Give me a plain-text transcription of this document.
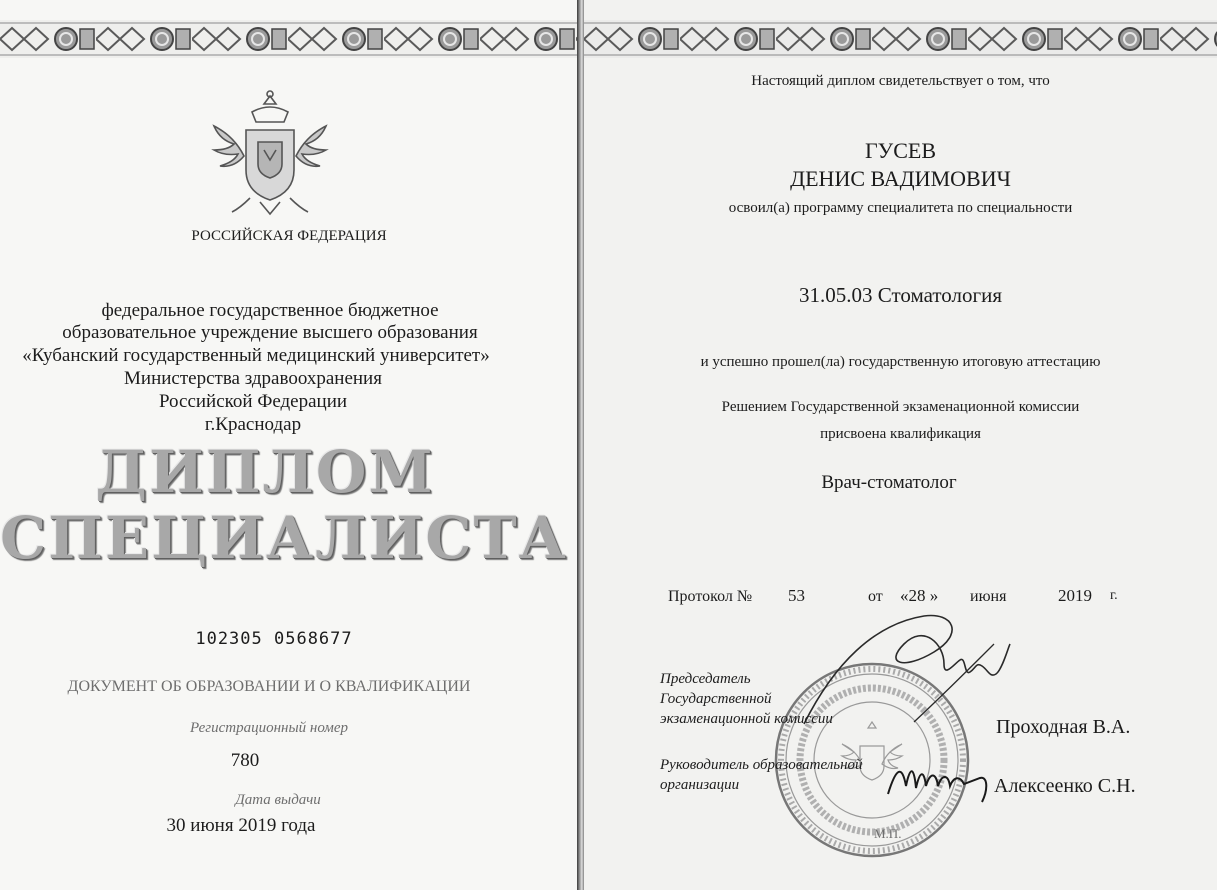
РОССИЙСКАЯ ФЕДЕРАЦИЯ
федеральное государственное бюджетное
образовательное учреждение высшего образования
«Кубанский государственный медицинский университет»
Министерства здравоохранения
Российской Федерации
г.Краснодар
ДИПЛОМ
СПЕЦИАЛИСТА
102305 0568677
ДОКУМЕНТ ОБ ОБРАЗОВАНИИ И О КВАЛИФИКАЦИИ
Регистрационный номер
780
Дата выдачи
30 июня 2019 года
Настоящий диплом свидетельствует о том, что
ГУСЕВ
ДЕНИС ВАДИМОВИЧ
освоил(а) программу специалитета по специальности
31.05.03 Стоматология
и успешно прошел(ла) государственную итоговую аттестацию
Решением Государственной экзаменационной комиссии
присвоена квалификация
Врач-стоматолог
Протокол № 53	от «28 » июня	2019 г.
Председатель
Государственной
экзаменационной комиссии	Проходная В.А.
Руководитель образовательной
организации	Алексеенко С.Н.
М.П.
